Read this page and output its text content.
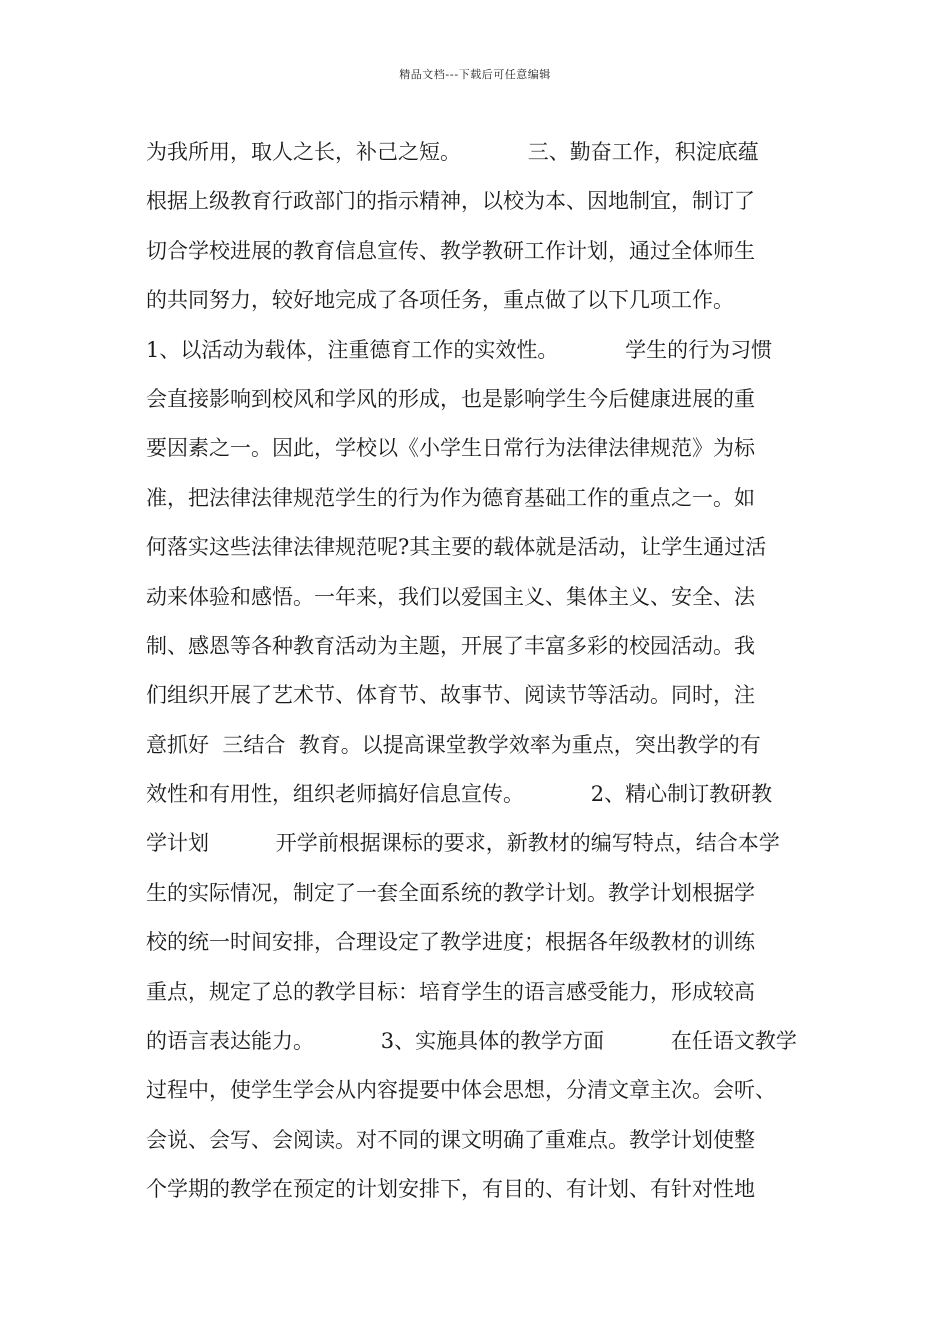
精品文档---下载后可任意编辑
为我所用，取人之长，补己之短。          三、勤奋工作，积淀底蕴
根据上级教育行政部门的指示精神，以校为本、因地制宜，制订了
切合学校进展的教育信息宣传、教学教研工作计划，通过全体师生
的共同努力，较好地完成了各项任务，重点做了以下几项工作。
1、以活动为载体，注重德育工作的实效性。          学生的行为习惯
会直接影响到校风和学风的形成，也是影响学生今后健康进展的重
要因素之一。因此，学校以《小学生日常行为法律法律规范》为标
准，把法律法律规范学生的行为作为德育基础工作的重点之一。如
何落实这些法律法律规范呢?其主要的载体就是活动，让学生通过活
动来体验和感悟。一年来，我们以爱国主义、集体主义、安全、法
制、感恩等各种教育活动为主题，开展了丰富多彩的校园活动。我
们组织开展了艺术节、体育节、故事节、阅读节等活动。同时，注
意抓好  三结合  教育。以提高课堂教学效率为重点，突出教学的有
效性和有用性，组织老师搞好信息宣传。          2、精心制订教研教
学计划          开学前根据课标的要求，新教材的编写特点，结合本学
生的实际情况，制定了一套全面系统的教学计划。教学计划根据学
校的统一时间安排，合理设定了教学进度；根据各年级教材的训练
重点，规定了总的教学目标：培育学生的语言感受能力，形成较高
的语言表达能力。          3、实施具体的教学方面          在任语文教学
过程中，使学生学会从内容提要中体会思想，分清文章主次。会听、
会说、会写、会阅读。对不同的课文明确了重难点。教学计划使整
个学期的教学在预定的计划安排下，有目的、有计划、有针对性地
